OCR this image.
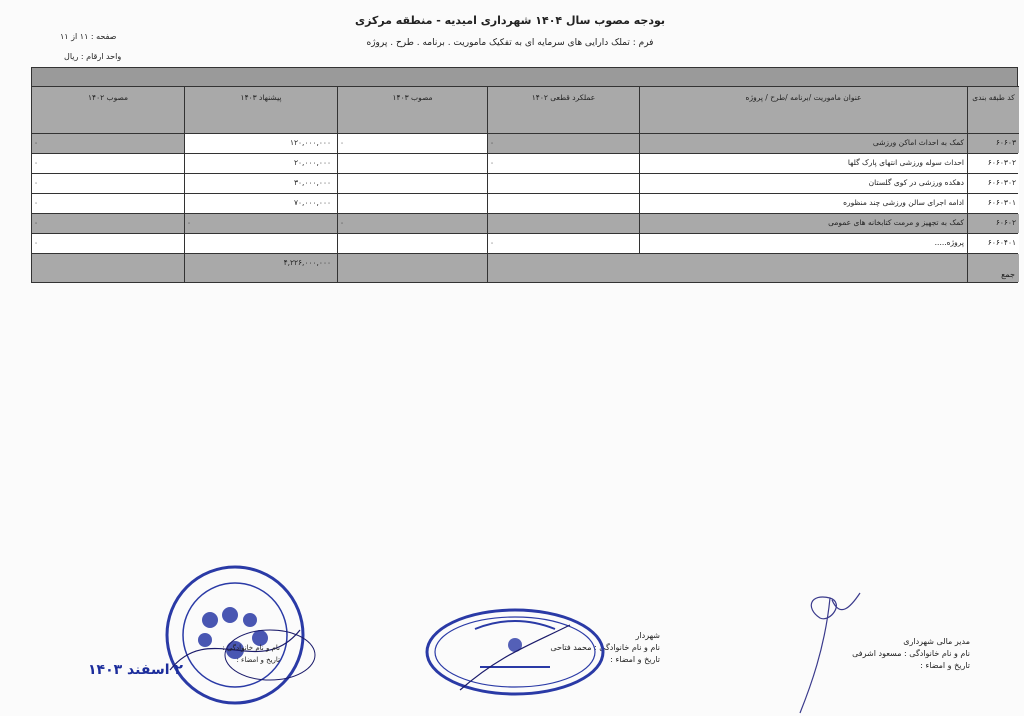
بودجه مصوب سال ۱۴۰۴ شهرداری امیدیه - منطقه مرکزی
فرم : تملک دارایی های سرمایه ای به تفکیک ماموریت . برنامه . طرح . پروژه
صفحه : ۱۱ از ۱۱
واحد ارقام : ریال
کد طبقه بندی
عنوان ماموریت /برنامه /طرح / پروژه
عملکرد قطعی ۱۴۰۲
مصوب ۱۴۰۳
پیشنهاد ۱۴۰۳
مصوب ۱۴۰۲
۶۰۶۰۳
کمک به احداث اماکن ورزشی
۰
۰
۱۲۰,۰۰۰,۰۰۰
۰
۶۰۶۰۳۰۲
احداث سوله ورزشی انتهای پارک گلها
۰
۲۰,۰۰۰,۰۰۰
۰
۶۰۶۰۳۰۲
دهکده ورزشی در کوی گلستان
۳۰,۰۰۰,۰۰۰
۰
۶۰۶۰۳۰۱
ادامه اجرای سالن ورزشی چند منظوره
۷۰,۰۰۰,۰۰۰
۰
۶۰۶۰۲
کمک به تجهیز و مرمت کتابخانه های عمومی
۰
۰
۰
۶۰۶۰۴۰۱
پروژه.....
۰
۰
جمع
۴,۲۲۶,۰۰۰,۰۰۰
مدیر مالی شهرداری
نام و نام خانوادگی : مسعود اشرفی
تاریخ و امضاء :
شهردار
نام و نام خانوادگی : محمد فتاحی
تاریخ و امضاء :
نام و نام خانوادگی :
تاریخ و امضاء :
۲ اسفند ۱۴۰۳
